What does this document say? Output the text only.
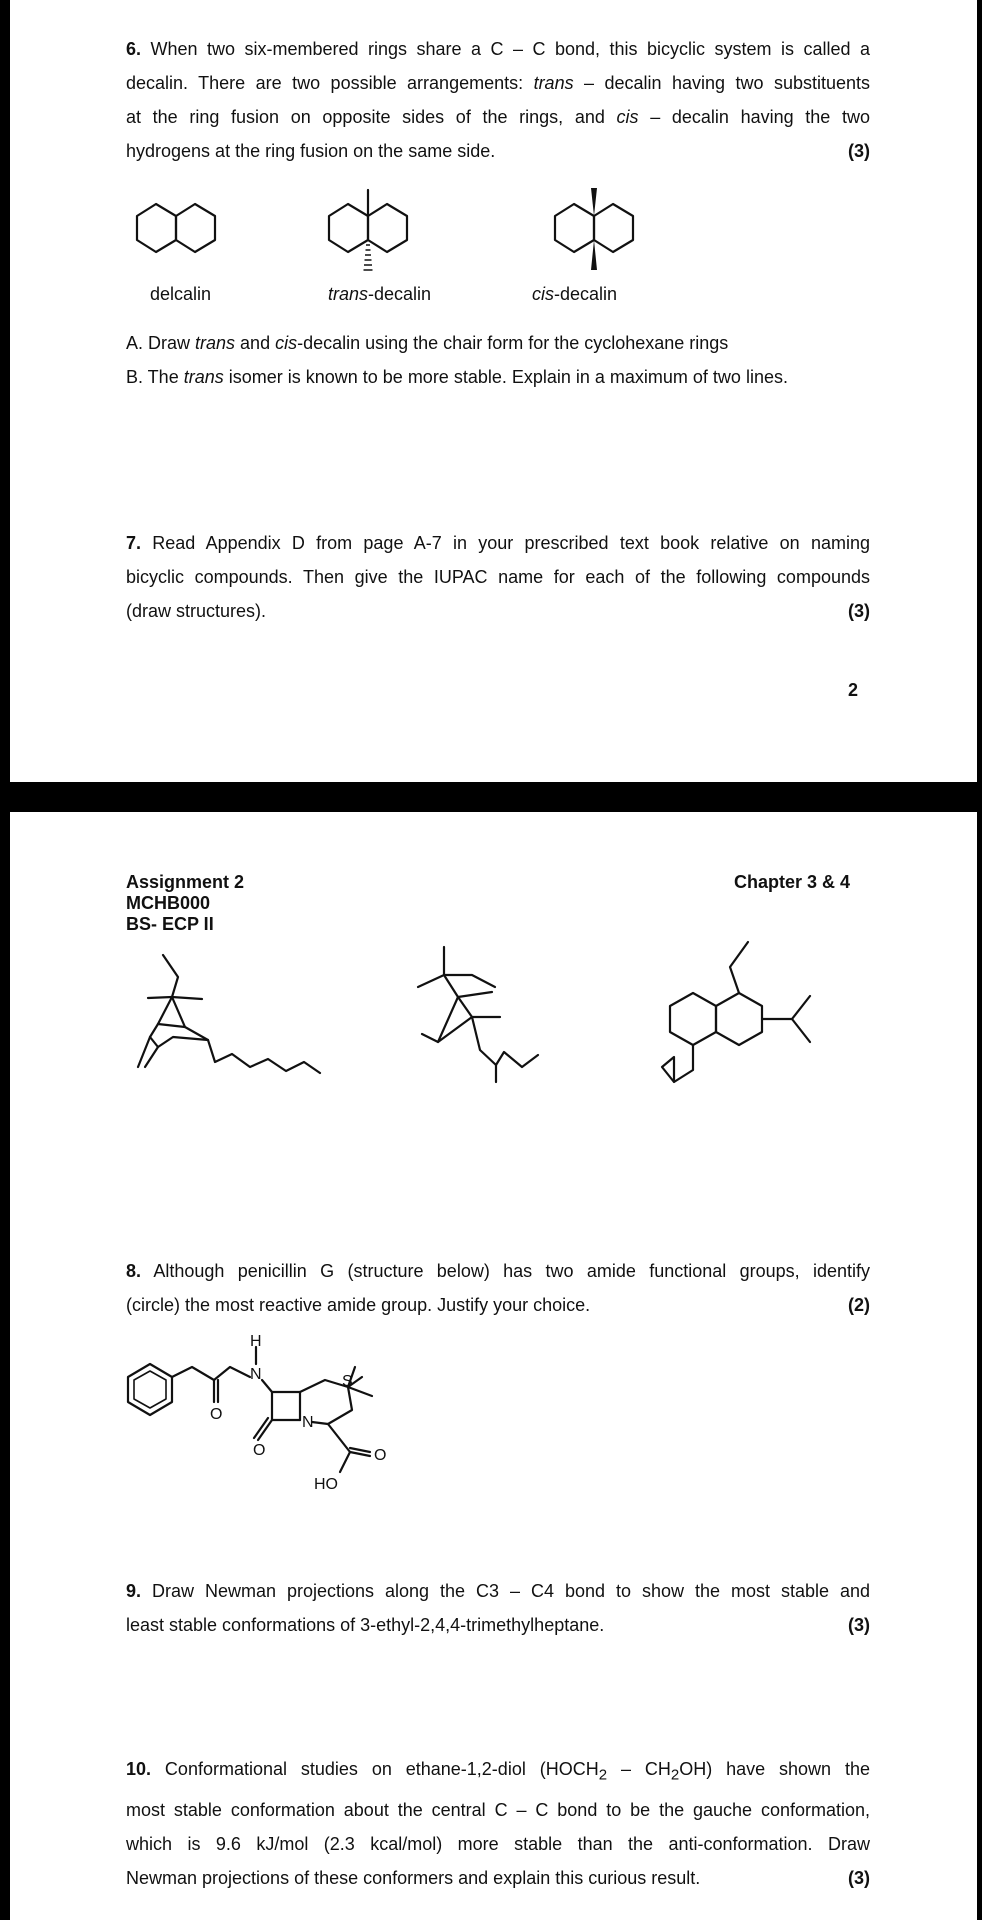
6. When two six-membered rings share a C – C bond, this bicyclic system is called a
decalin. There are two possible arrangements: trans – decalin having two substituents
at the ring fusion on opposite sides of the rings, and cis – decalin having the two
hydrogens at the ring fusion on the same side.	(3)
delcalin	trans-decalin	cis-decalin
A. Draw trans and cis-decalin using the chair form for the cyclohexane rings
B. The trans isomer is known to be more stable. Explain in a maximum of two lines.
7. Read Appendix D from page A-7 in your prescribed text book relative on naming
bicyclic compounds. Then give the IUPAC name for each of the following compounds
(draw structures).	(3)
2
Assignment 2
MCHB000
BS- ECP II
Chapter 3 & 4
8. Although penicillin G (structure below) has two amide functional groups, identify
(circle) the most reactive amide group. Justify your choice.	(2)
H
N	S
N
O
O	O
HO
9. Draw Newman projections along the C3 – C4 bond to show the most stable and
least stable conformations of 3-ethyl-2,4,4-trimethylheptane.	(3)
10. Conformational studies on ethane-1,2-diol $(HOCH_2 - CH_2OH)$ have shown the
most stable conformation about the central C – C bond to be the gauche conformation,
which is 9.6 kJ/mol (2.3 kcal/mol) more stable than the anti-conformation. Draw
Newman projections of these conformers and explain this curious result.	(3)
